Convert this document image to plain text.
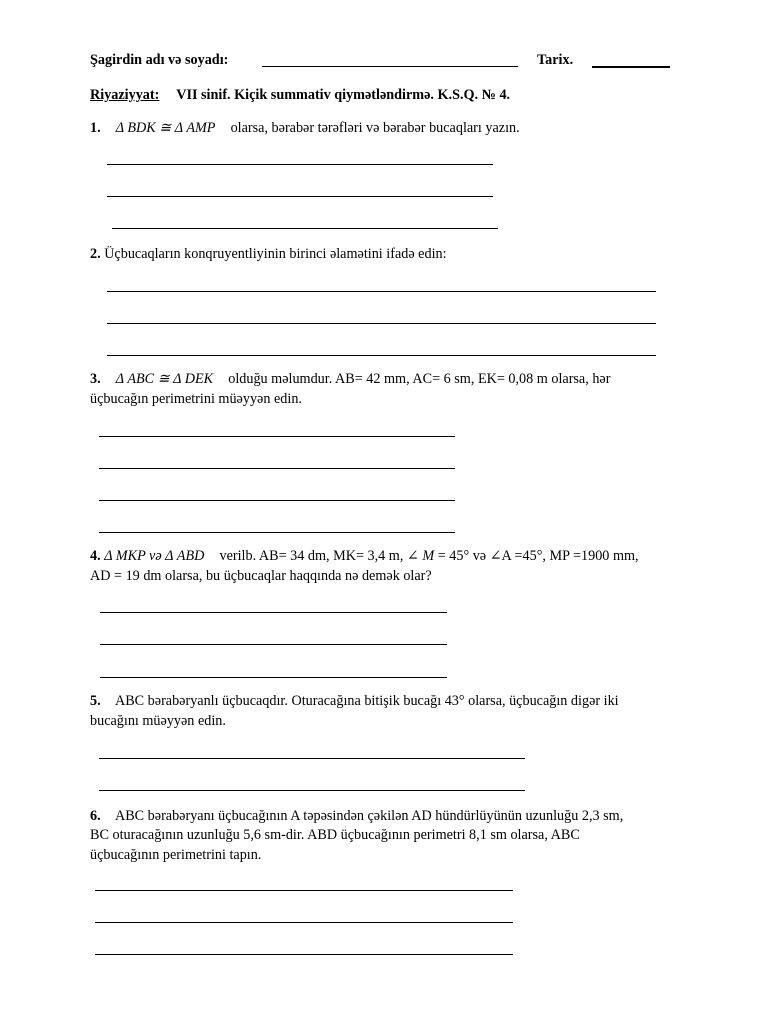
Şagirdin adı və soyadı:	Tarix.
Riyaziyyat: VII sinif. Kiçik summativ qiymətləndirmə. K.S.Q. № 4.
1. Δ BDK ≅ Δ AMP olarsa, bərabər tərəfləri və bərabər bucaqları yazın.
2. Üçbucaqların konqruyentliyinin birinci əlamətini ifadə edin:
3. Δ ABC ≅ Δ DEK olduğu məlumdur. AB= 42 mm, AC= 6 sm, EK= 0,08 m olarsa, hər
üçbucağın perimetrini müəyyən edin.
4. Δ MKP və Δ ABD verilb. AB= 34 dm, MK= 3,4 m, ∠ M = 45° və ∠A =45°, MP =1900 mm,
AD = 19 dm olarsa, bu üçbucaqlar haqqında nə demək olar?
5. ABC bərabəryanlı üçbucaqdır. Oturacağına bitişik bucağı 43° olarsa, üçbucağın digər iki
bucağını müəyyən edin.
6. ABC bərabəryanı üçbucağının A təpəsindən çəkilən AD hündürlüyünün uzunluğu 2,3 sm,
BC oturacağının uzunluğu 5,6 sm-dir. ABD üçbucağının perimetri 8,1 sm olarsa, ABC
üçbucağının perimetrini tapın.
